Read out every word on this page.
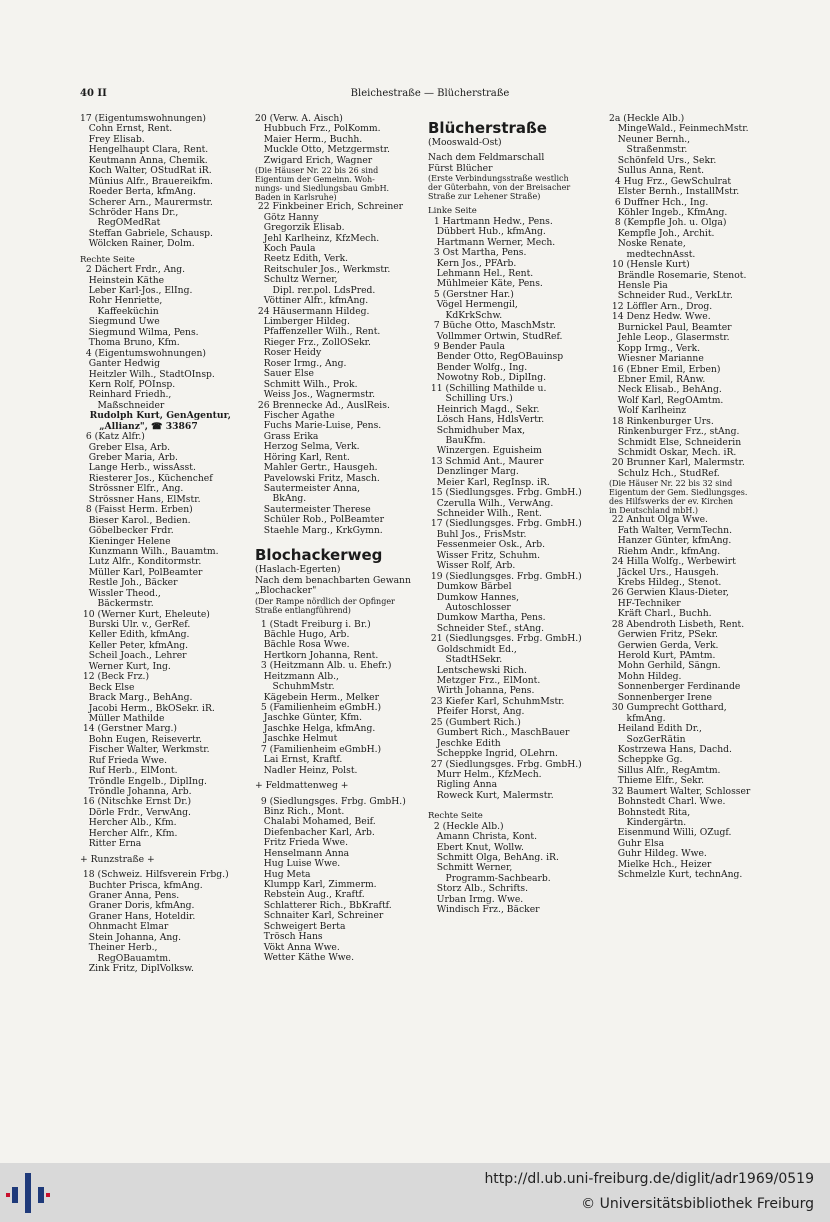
40 II	Bleichestraße — Blücherstraße
17 (Eigentumswohnungen)
Cohn Ernst, Rent.
Frey Elisab.
Hengelhaupt Clara, Rent.
Keutmann Anna, Chemik.
Koch Walter, OStudRat iR.
Münius Alfr., Brauereikfm.
Roeder Berta, kfmAng.
Scherer Arn., Maurermstr.
Schröder Hans Dr.,
RegOMedRat
Steffan Gabriele, Schausp.
Wölcken Rainer, Dolm.
Rechte Seite
2 Dächert Frdr., Ang.
Heinstein Käthe
Leber Karl-Jos., ElIng.
Rohr Henriette,
Kaffeeküchin
Siegmund Uwe
Siegmund Wilma, Pens.
Thoma Bruno, Kfm.
4 (Eigentumswohnungen)
Ganter Hedwig
Heitzler Wilh., StadtOInsp.
Kern Rolf, POInsp.
Reinhard Friedh.,
Maßschneider
Rudolph Kurt, GenAgentur,
„Allianz", ☎ 33867
6 (Katz Alfr.)
Greber Elsa, Arb.
Greber Maria, Arb.
Lange Herb., wissAsst.
Riesterer Jos., Küchenchef
Strössner Elfr., Ang.
Strössner Hans, ElMstr.
8 (Faisst Herm. Erben)
Bieser Karol., Bedien.
Göbelbecker Frdr.
Kieninger Helene
Kunzmann Wilh., Bauamtm.
Lutz Alfr., Konditormstr.
Müller Karl, PolBeamter
Restle Joh., Bäcker
Wissler Theod.,
Bäckermstr.
10 (Werner Kurt, Eheleute)
Burski Ulr. v., GerRef.
Keller Edith, kfmAng.
Keller Peter, kfmAng.
Scheil Joach., Lehrer
Werner Kurt, Ing.
12 (Beck Frz.)
Beck Else
Brack Marg., BehAng.
Jacobi Herm., BkOSekr. iR.
Müller Mathilde
14 (Gerstner Marg.)
Bohn Eugen, Reisevertr.
Fischer Walter, Werkmstr.
Ruf Frieda Wwe.
Ruf Herb., ElMont.
Tröndle Engelb., DiplIng.
Tröndle Johanna, Arb.
16 (Nitschke Ernst Dr.)
Dörle Frdr., VerwAng.
Hercher Alb., Kfm.
Hercher Alfr., Kfm.
Ritter Erna
+ Runzstraße +
18 (Schweiz. Hilfsverein Frbg.)
Buchter Prisca, kfmAng.
Graner Anna, Pens.
Graner Doris, kfmAng.
Graner Hans, Hoteldir.
Ohnmacht Elmar
Stein Johanna, Ang.
Theiner Herb.,
RegOBauamtm.
Zink Fritz, DiplVolksw.
20 (Verw. A. Aisch)
Hubbuch Frz., PolKomm.
Maier Herm., Buchh.
Muckle Otto, Metzgermstr.
Zwigard Erich, Wagner
(Die Häuser Nr. 22 bis 26 sind
Eigentum der Gemeinn. Woh-
nungs- und Siedlungsbau GmbH.
Baden in Karlsruhe)
22 Finkbeiner Erich, Schreiner
Götz Hanny
Gregorzik Elisab.
Jehl Karlheinz, KfzMech.
Koch Paula
Reetz Edith, Verk.
Reitschuler Jos., Werkmstr.
Schultz Werner,
Dipl. rer.pol. LdsPred.
Vöttiner Alfr., kfmAng.
24 Häusermann Hildeg.
Limberger Hildeg.
Pfaffenzeller Wilh., Rent.
Rieger Frz., ZollOSekr.
Roser Heidy
Roser Irmg., Ang.
Sauer Else
Schmitt Wilh., Prok.
Weiss Jos., Wagnermstr.
26 Brennecke Ad., AuslReis.
Fischer Agathe
Fuchs Marie-Luise, Pens.
Grass Erika
Herzog Selma, Verk.
Höring Karl, Rent.
Mahler Gertr., Hausgeh.
Pavelowski Fritz, Masch.
Sautermeister Anna,
BkAng.
Sautermeister Therese
Schüler Rob., PolBeamter
Staehle Marg., KrkGymn.
Blochackerweg
(Haslach-Egerten)
Nach dem benachbarten Gewann
„Blochacker"
(Der Rampe nördlich der Opfinger
Straße entlangführend)
1 (Stadt Freiburg i. Br.)
Bächle Hugo, Arb.
Bächle Rosa Wwe.
Hertkorn Johanna, Rent.
3 (Heitzmann Alb. u. Ehefr.)
Heitzmann Alb.,
SchuhmMstr.
Kägebein Herm., Melker
5 (Familienheim eGmbH.)
Jaschke Günter, Kfm.
Jaschke Helga, kfmAng.
Jaschke Helmut
7 (Familienheim eGmbH.)
Lai Ernst, Kraftf.
Nadler Heinz, Polst.
+ Feldmattenweg +
9 (Siedlungsges. Frbg. GmbH.)
Binz Rich., Mont.
Chalabi Mohamed, Beif.
Diefenbacher Karl, Arb.
Fritz Frieda Wwe.
Henselmann Anna
Hug Luise Wwe.
Hug Meta
Klumpp Karl, Zimmerm.
Rebstein Aug., Kraftf.
Schlatterer Rich., BbKraftf.
Schnaiter Karl, Schreiner
Schweigert Berta
Trösch Hans
Vökt Anna Wwe.
Wetter Käthe Wwe.
Blücherstraße
(Mooswald-Ost)
Nach dem Feldmarschall
Fürst Blücher
(Erste Verbindungsstraße westlich
der Güterbahn, von der Breisacher
Straße zur Lehener Straße)
Linke Seite
1 Hartmann Hedw., Pens.
Dübbert Hub., kfmAng.
Hartmann Werner, Mech.
3 Ost Martha, Pens.
Kern Jos., PFArb.
Lehmann Hel., Rent.
Mühlmeier Käte, Pens.
5 (Gerstner Har.)
Vögel Hermengil,
KdKrkSchw.
7 Büche Otto, MaschMstr.
Vollmmer Ortwin, StudRef.
9 Bender Paula
Bender Otto, RegOBauinsp
Bender Wolfg., Ing.
Nowotny Rob., DiplIng.
11 (Schilling Mathilde u.
Schilling Urs.)
Heinrich Magd., Sekr.
Lösch Hans, HdlsVertr.
Schmidhuber Max,
BauKfm.
Winzergen. Eguisheim
13 Schmid Ant., Maurer
Denzlinger Marg.
Meier Karl, RegInsp. iR.
15 (Siedlungsges. Frbg. GmbH.)
Czerulla Wilh., VerwAng.
Schneider Wilh., Rent.
17 (Siedlungsges. Frbg. GmbH.)
Buhl Jos., FrisMstr.
Fessenmeier Osk., Arb.
Wisser Fritz, Schuhm.
Wisser Rolf, Arb.
19 (Siedlungsges. Frbg. GmbH.)
Dumkow Bärbel
Dumkow Hannes,
Autoschlosser
Dumkow Martha, Pens.
Schneider Stef., stAng.
21 (Siedlungsges. Frbg. GmbH.)
Goldschmidt Ed.,
StadtHSekr.
Lentschewski Rich.
Metzger Frz., ElMont.
Wirth Johanna, Pens.
23 Kiefer Karl, SchuhmMstr.
Pfeifer Horst, Ang.
25 (Gumbert Rich.)
Gumbert Rich., MaschBauer
Jeschke Edith
Scheppke Ingrid, OLehrn.
27 (Siedlungsges. Frbg. GmbH.)
Murr Helm., KfzMech.
Rigling Anna
Roweck Kurt, Malermstr.
Rechte Seite
2 (Heckle Alb.)
Amann Christa, Kont.
Ebert Knut, Wollw.
Schmitt Olga, BehAng. iR.
Schmitt Werner,
Programm-Sachbearb.
Storz Alb., Schrifts.
Urban Irmg. Wwe.
Windisch Frz., Bäcker
2a (Heckle Alb.)
MingeWald., FeinmechMstr.
Neuner Bernh.,
Straßenmstr.
Schönfeld Urs., Sekr.
Sullus Anna, Rent.
4 Hug Frz., GewSchulrat
Elster Bernh., InstallMstr.
6 Duffner Hch., Ing.
Köhler Ingeb., KfmAng.
8 (Kempfle Joh. u. Olga)
Kempfle Joh., Archit.
Noske Renate,
medtechnAsst.
10 (Hensle Kurt)
Brändle Rosemarie, Stenot.
Hensle Pia
Schneider Rud., VerkLtr.
12 Löffler Arn., Drog.
14 Denz Hedw. Wwe.
Burnickel Paul, Beamter
Jehle Leop., Glasermstr.
Kopp Irmg., Verk.
Wiesner Marianne
16 (Ebner Emil, Erben)
Ebner Emil, RAnw.
Neck Elisab., BehAng.
Wolf Karl, RegOAmtm.
Wolf Karlheinz
18 Rinkenburger Urs.
Rinkenburger Frz., stAng.
Schmidt Else, Schneiderin
Schmidt Oskar, Mech. iR.
20 Brunner Karl, Malermstr.
Schulz Hch., StudRef.
(Die Häuser Nr. 22 bis 32 sind
Eigentum der Gem. Siedlungsges.
des Hilfswerks der ev. Kirchen
in Deutschland mbH.)
22 Anhut Olga Wwe.
Fath Walter, VermTechn.
Hanzer Günter, kfmAng.
Riehm Andr., kfmAng.
24 Hilla Wolfg., Werbewirt
Jäckel Urs., Hausgeh.
Krebs Hildeg., Stenot.
26 Gerwien Klaus-Dieter,
HF-Techniker
Kräft Charl., Buchh.
28 Abendroth Lisbeth, Rent.
Gerwien Fritz, PSekr.
Gerwien Gerda, Verk.
Herold Kurt, PAmtm.
Mohn Gerhild, Sängn.
Mohn Hildeg.
Sonnenberger Ferdinande
Sonnenberger Irene
30 Gumprecht Gotthard,
kfmAng.
Heiland Edith Dr.,
SozGerRätin
Kostrzewa Hans, Dachd.
Scheppke Gg.
Sillus Alfr., RegAmtm.
Thieme Elfr., Sekr.
32 Baumert Walter, Schlosser
Bohnstedt Charl. Wwe.
Bohnstedt Rita,
Kindergärtn.
Eisenmund Willi, OZugf.
Guhr Elsa
Guhr Hildeg. Wwe.
Mielke Hch., Heizer
Schmelzle Kurt, technAng.
http://dl.ub.uni-freiburg.de/diglit/adr1969/0519
© Universitätsbibliothek Freiburg
